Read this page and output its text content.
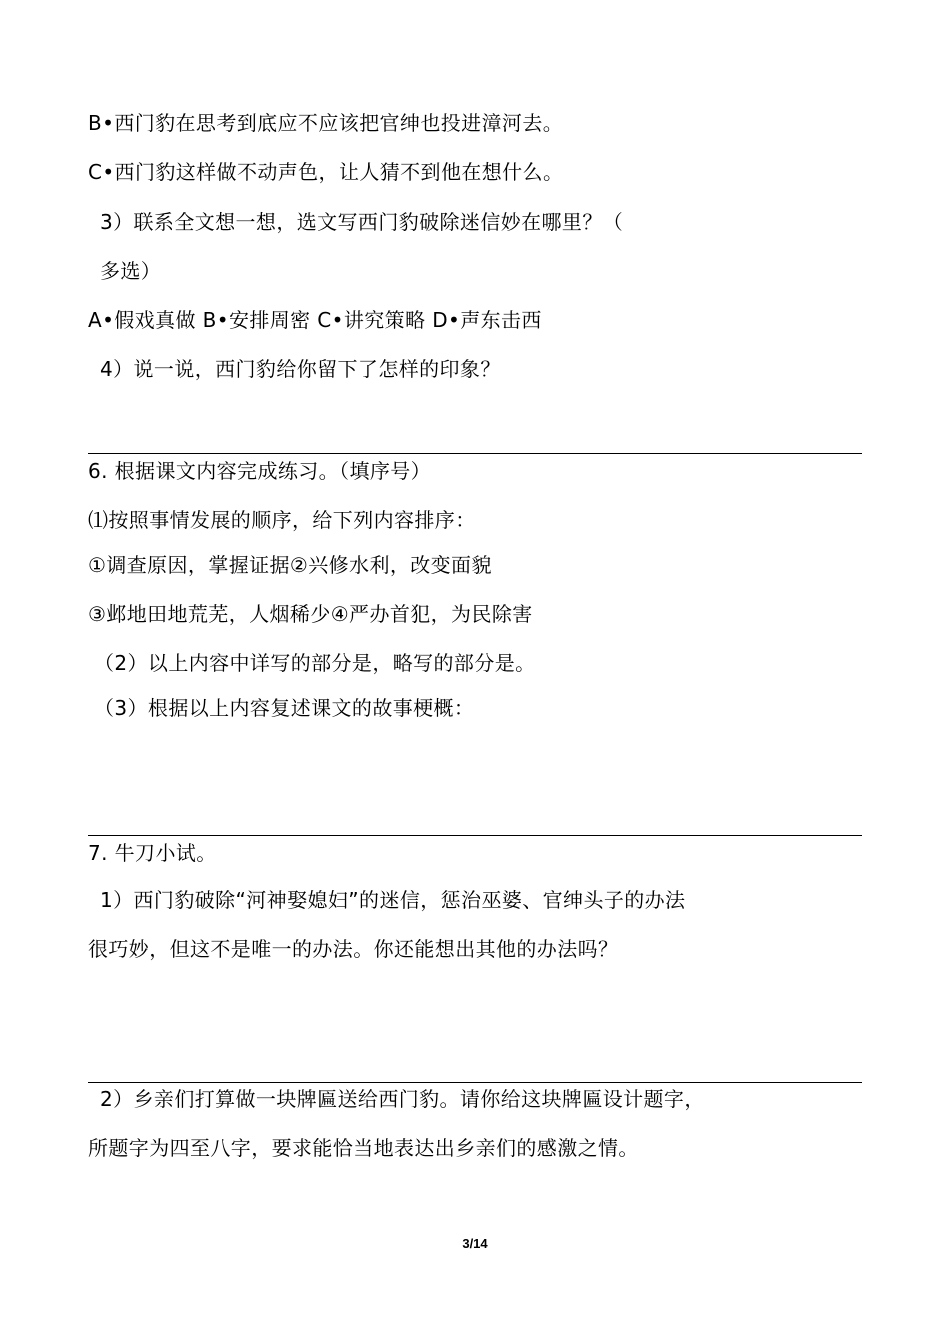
B•西门豹在思考到底应不应该把官绅也投进漳河去。
C•西门豹这样做不动声色，让人猜不到他在想什么。
3）联系全文想一想，选文写西门豹破除迷信妙在哪里？（
多选）
A•假戏真做 B•安排周密 C•讲究策略 D•声东击西
4）说一说，西门豹给你留下了怎样的印象？
6. 根据课文内容完成练习。（填序号）
⑴按照事情发展的顺序，给下列内容排序：
①调查原因，掌握证据②兴修水利，改变面貌
③邺地田地荒芜，人烟稀少④严办首犯，为民除害
（2）以上内容中详写的部分是，略写的部分是。
（3）根据以上内容复述课文的故事梗概：
7. 牛刀小试。
1）西门豹破除“河神娶媳妇”的迷信，惩治巫婆、官绅头子的办法
很巧妙，但这不是唯一的办法。你还能想出其他的办法吗？
2）乡亲们打算做一块牌匾送给西门豹。请你给这块牌匾设计题字，
所题字为四至八字，要求能恰当地表达出乡亲们的感激之情。
3/14
